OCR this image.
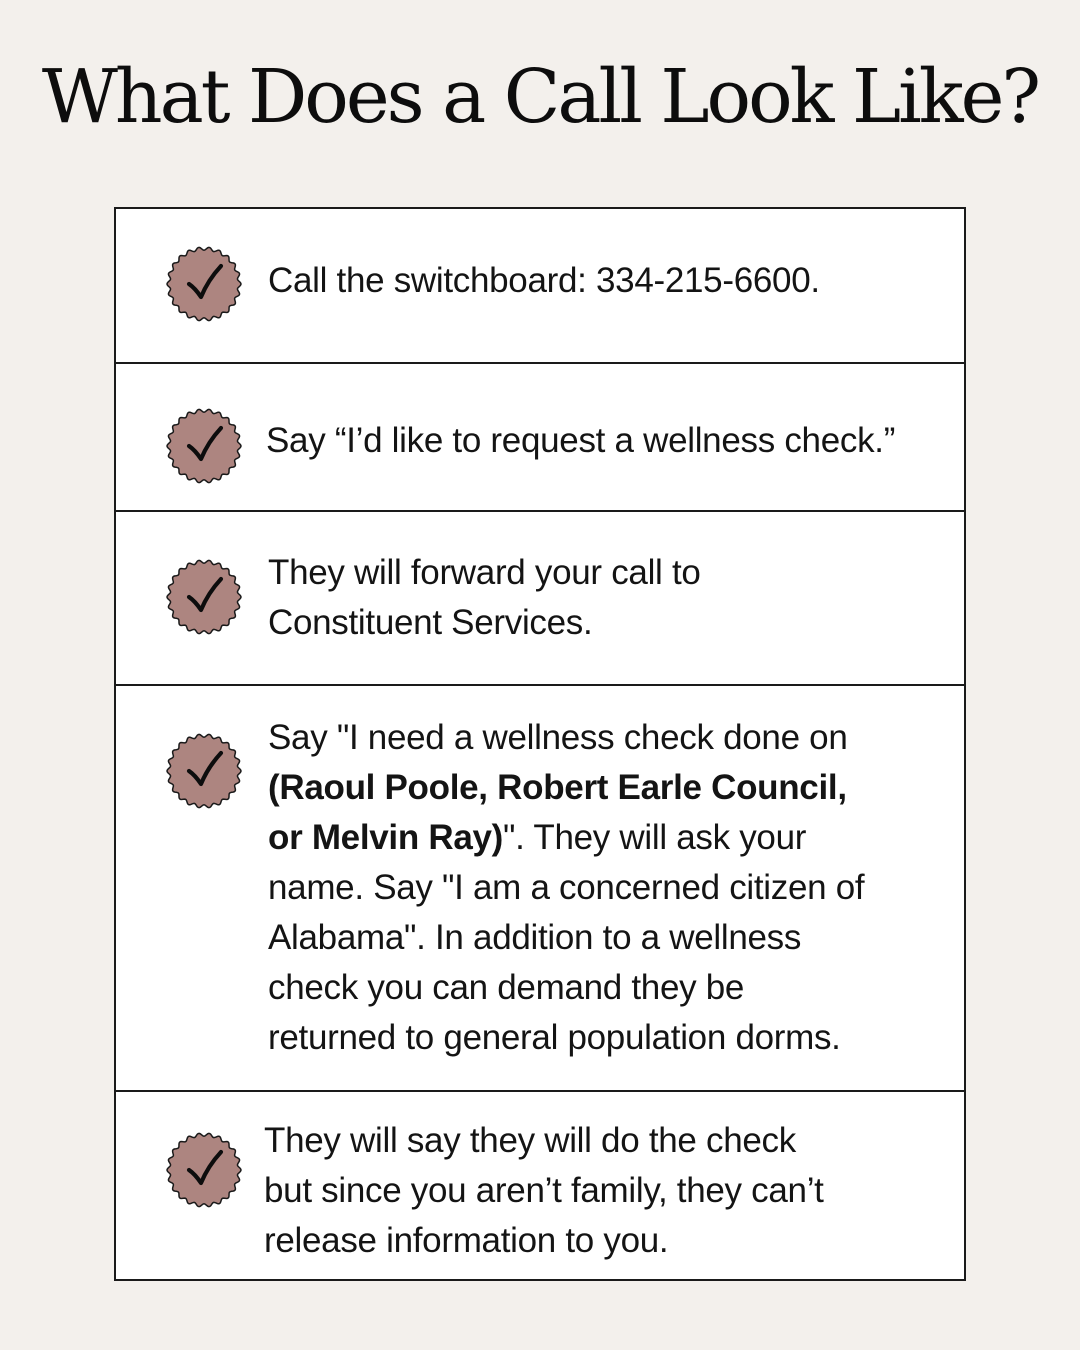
What Does a Call Look Like?
Call the switchboard: 334-215-6600.
Say “I’d like to request a wellness check.”
They will forward your call to
Constituent Services.
Say "I need a wellness check done on
(Raoul Poole, Robert Earle Council,
or Melvin Ray)". They will ask your
name. Say "I am a concerned citizen of
Alabama". In addition to a wellness
check you can demand they be
returned to general population dorms.
They will say they will do the check
but since you aren’t family, they can’t
release information to you.
